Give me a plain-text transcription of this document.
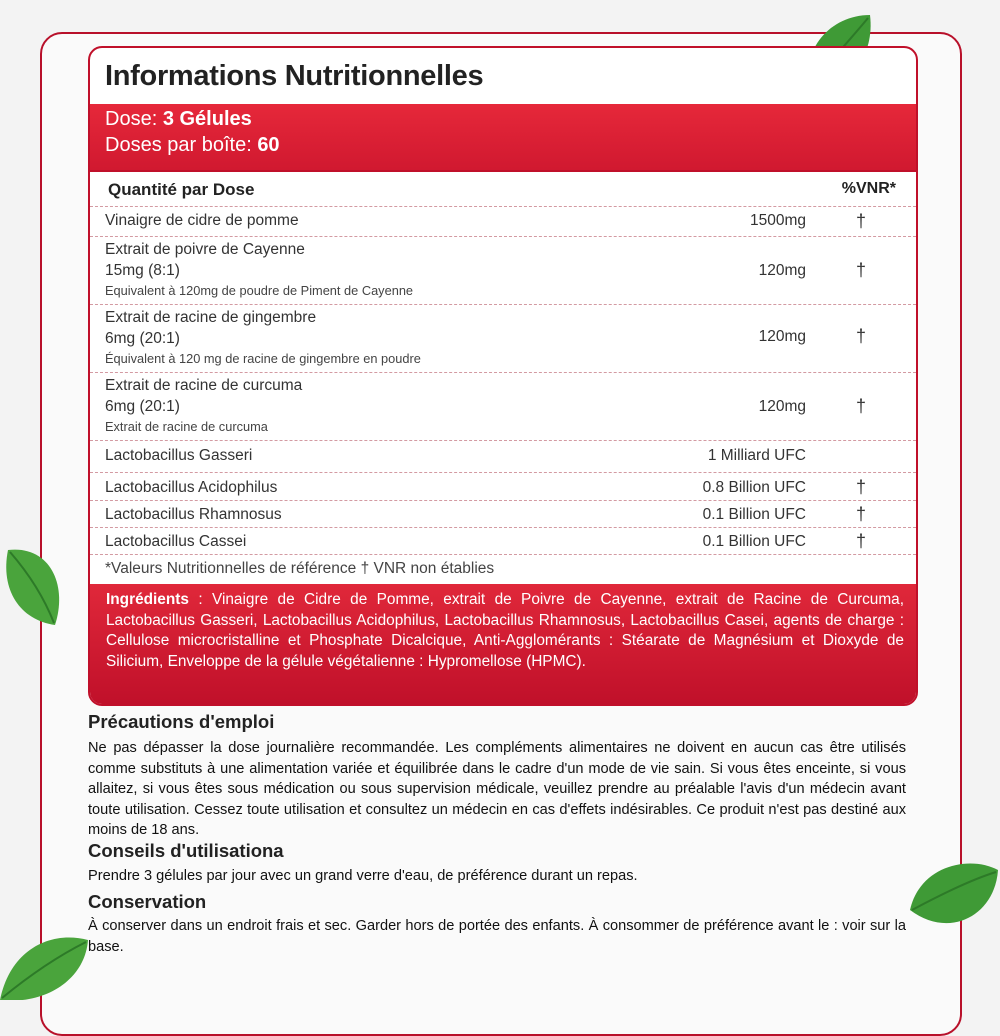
Informations Nutritionnelles
Dose: 3 Gélules
Doses par boîte: 60
Quantité par Dose	%VNR*
Vinaigre de cidre de pomme	1500mg	†
Extrait de poivre de Cayenne
15mg (8:1)
Equivalent à 120mg de poudre de Piment de Cayenne
120mg	†
Extrait de racine de gingembre
6mg (20:1)
Équivalent à 120 mg de racine de gingembre en poudre
120mg	†
Extrait de racine de curcuma
6mg (20:1)
Extrait de racine de curcuma
120mg	†
Lactobacillus Gasseri	1 Milliard UFC
Lactobacillus Acidophilus	0.8 Billion UFC	†
Lactobacillus Rhamnosus	0.1 Billion UFC	†
Lactobacillus Cassei	0.1 Billion UFC	†
*Valeurs Nutritionnelles de référence † VNR non établies

Ingrédients : Vinaigre de Cidre de Pomme, extrait de Poivre de Cayenne, extrait de Racine de Curcuma, Lactobacillus Gasseri, Lactobacillus Acidophilus, Lactobacillus Rhamnosus, Lactobacillus Casei, agents de charge : Cellulose microcristalline et Phosphate Dicalcique, Anti-Agglomérants : Stéarate de Magnésium et Dioxyde de Silicium, Enveloppe de la gélule végétalienne : Hypromellose (HPMC).

Précautions d'emploi

Ne pas dépasser la dose journalière recommandée. Les compléments alimentaires ne doivent en aucun cas être utilisés comme substituts à une alimentation variée et équilibrée dans le cadre d'un mode de vie sain. Si vous êtes enceinte, si vous allaitez, si vous êtes sous médication ou sous supervision médicale, veuillez prendre au préalable l'avis d'un médecin avant toute utilisation. Cessez toute utilisation et consultez un médecin en cas d'effets indésirables. Ce produit n'est pas destiné aux moins de 18 ans.

Conseils d'utilisationa

Prendre 3 gélules par jour avec un grand verre d'eau, de préférence durant un repas.

Conservation

À conserver dans un endroit frais et sec. Garder hors de portée des enfants. À consommer de préférence avant le : voir sur la base.
